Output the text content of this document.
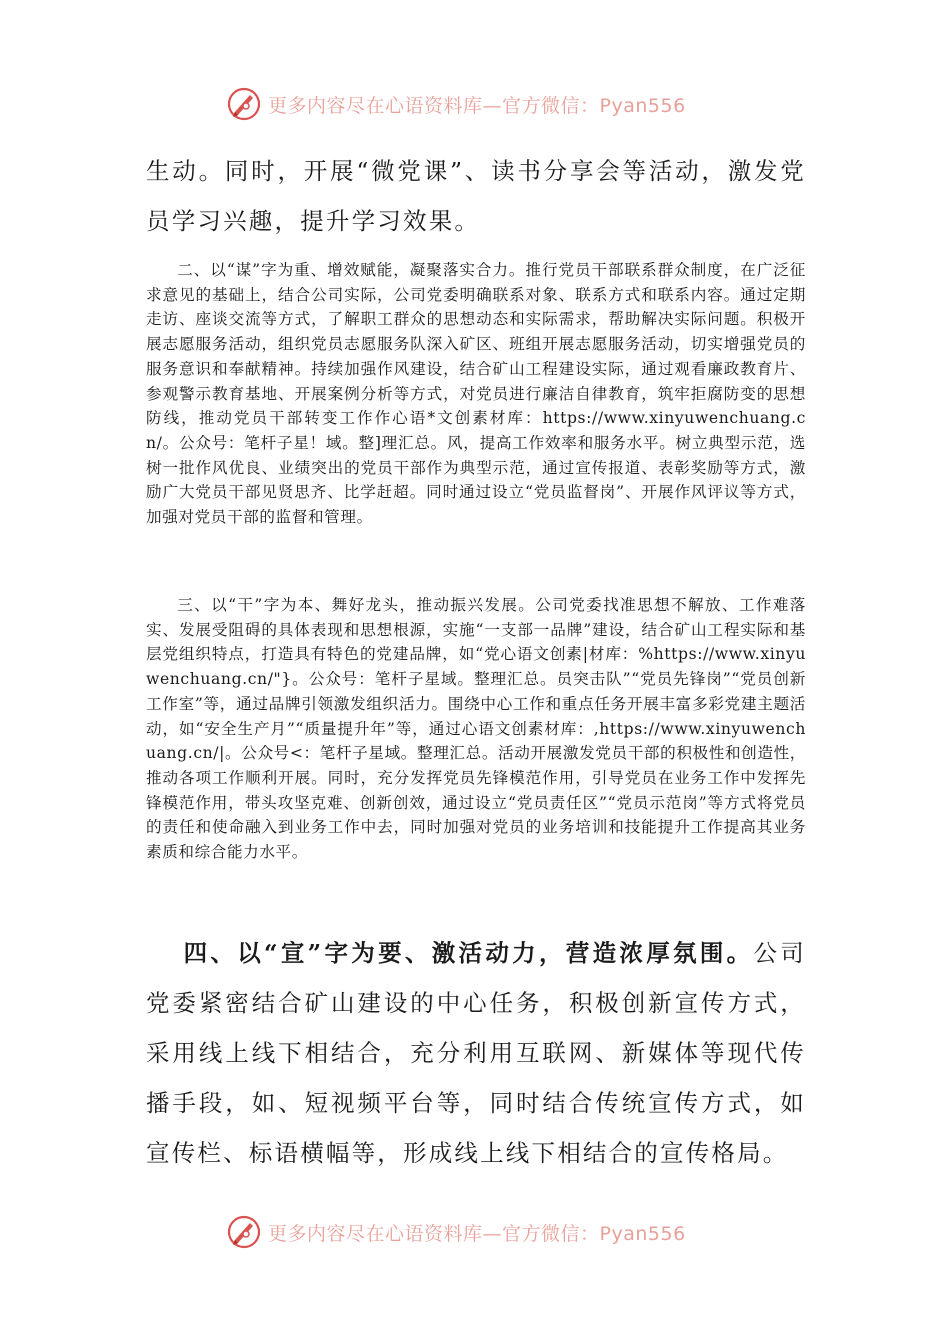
更多内容尽在心语资料库—官方微信：Pyan556

生动。同时，开展“微党课”、读书分享会等活动，激发党员学习兴趣，提升学习效果。

二、以“谋”字为重、增效赋能，凝聚落实合力。推行党员干部联系群众制度，在广泛征求意见的基础上，结合公司实际，公司党委明确联系对象、联系方式和联系内容。通过定期走访、座谈交流等方式，了解职工群众的思想动态和实际需求，帮助解决实际问题。积极开展志愿服务活动，组织党员志愿服务队深入矿区、班组开展志愿服务活动，切实增强党员的服务意识和奉献精神。持续加强作风建设，结合矿山工程建设实际，通过观看廉政教育片、参观警示教育基地、开展案例分析等方式，对党员进行廉洁自律教育，筑牢拒腐防变的思想防线，推动党员干部转变工作作心语*文创素材库：https://www.xinyuwenchuang.cn/。公众号：笔杆子星！域。整]理汇总。风，提高工作效率和服务水平。树立典型示范，选树一批作风优良、业绩突出的党员干部作为典型示范，通过宣传报道、表彰奖励等方式，激励广大党员干部见贤思齐、比学赶超。同时通过设立“党员监督岗”、开展作风评议等方式，加强对党员干部的监督和管理。

三、以“干”字为本、舞好龙头，推动振兴发展。公司党委找准思想不解放、工作难落实、发展受阻碍的具体表现和思想根源，实施“一支部一品牌”建设，结合矿山工程实际和基层党组织特点，打造具有特色的党建品牌，如“党心语文创素|材库：%https://www.xinyuwenchuang.cn/"}。公众号：笔杆子星域。整理汇总。员突击队”“党员先锋岗”“党员创新工作室”等，通过品牌引领激发组织活力。围绕中心工作和重点任务开展丰富多彩党建主题活动，如“安全生产月”“质量提升年”等，通过心语文创素材库：,https://www.xinyuwenchuang.cn/|。公众号<：笔杆子星域。整理汇总。活动开展激发党员干部的积极性和创造性，推动各项工作顺利开展。同时，充分发挥党员先锋模范作用，引导党员在业务工作中发挥先锋模范作用，带头攻坚克难、创新创效，通过设立“党员责任区”“党员示范岗”等方式将党员的责任和使命融入到业务工作中去，同时加强对党员的业务培训和技能提升工作提高其业务素质和综合能力水平。

四、以“宣”字为要、激活动力，营造浓厚氛围。公司党委紧密结合矿山建设的中心任务，积极创新宣传方式，采用线上线下相结合，充分利用互联网、新媒体等现代传播手段，如、短视频平台等，同时结合传统宣传方式，如宣传栏、标语横幅等，形成线上线下相结合的宣传格局。

更多内容尽在心语资料库—官方微信：Pyan556
